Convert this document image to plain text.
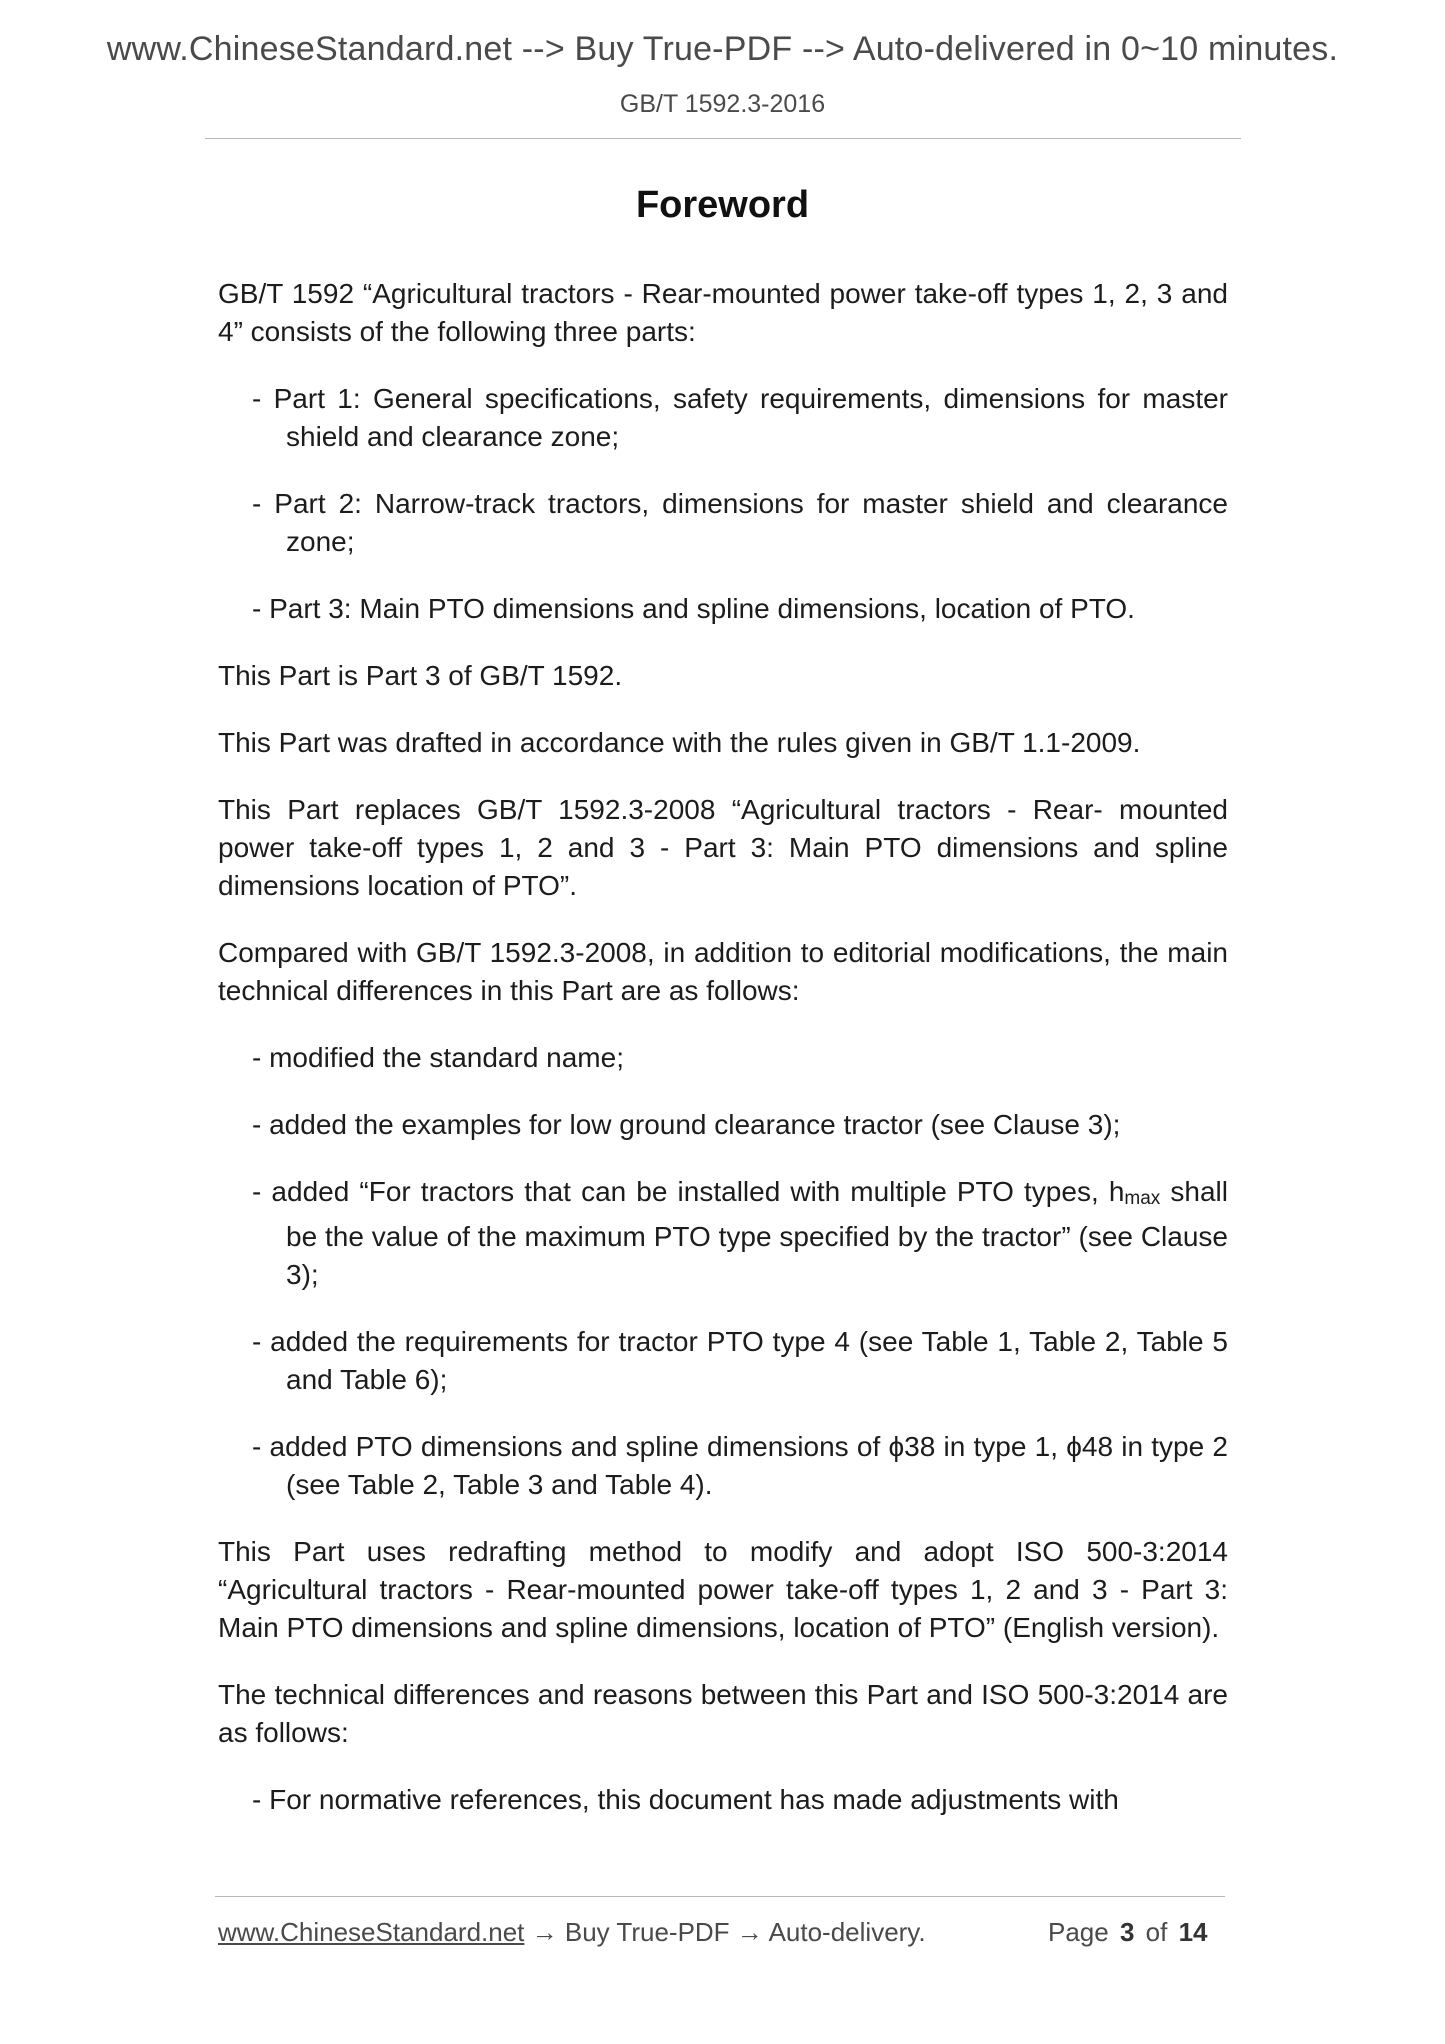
www.ChineseStandard.net --> Buy True-PDF --> Auto-delivered in 0~10 minutes.
GB/T 1592.3-2016
Foreword

GB/T 1592 “Agricultural tractors - Rear-mounted power take-off types 1, 2, 3 and 4” consists of the following three parts:

- Part 1: General specifications, safety requirements, dimensions for master shield and clearance zone;

- Part 2: Narrow-track tractors, dimensions for master shield and clearance zone;

- Part 3: Main PTO dimensions and spline dimensions, location of PTO.

This Part is Part 3 of GB/T 1592.

This Part was drafted in accordance with the rules given in GB/T 1.1-2009.

This Part replaces GB/T 1592.3-2008 “Agricultural tractors - Rear- mounted power take-off types 1, 2 and 3 - Part 3: Main PTO dimensions and spline dimensions location of PTO”.

Compared with GB/T 1592.3-2008, in addition to editorial modifications, the main technical differences in this Part are as follows:

- modified the standard name;

- added the examples for low ground clearance tractor (see Clause 3);

- added “For tractors that can be installed with multiple PTO types, $h_{max}$ shall be the value of the maximum PTO type specified by the tractor” (see Clause 3);

- added the requirements for tractor PTO type 4 (see Table 1, Table 2, Table 5 and Table 6);

- added PTO dimensions and spline dimensions of ϕ38 in type 1, ϕ48 in type 2 (see Table 2, Table 3 and Table 4).

This Part uses redrafting method to modify and adopt ISO 500-3:2014 “Agricultural tractors - Rear-mounted power take-off types 1, 2 and 3 - Part 3: Main PTO dimensions and spline dimensions, location of PTO” (English version).

The technical differences and reasons between this Part and ISO 500-3:2014 are as follows:

- For normative references, this document has made adjustments with

www.ChineseStandard.net → Buy True-PDF → Auto-delivery.	Page 3 of 14
